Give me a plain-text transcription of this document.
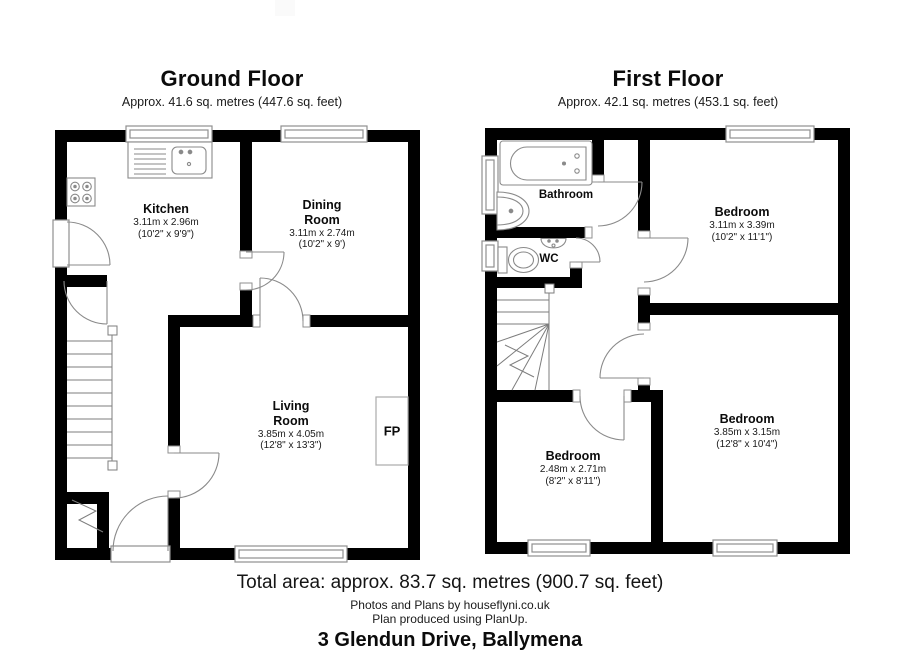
Ground Floor
Approx. 41.6 sq. metres (447.6 sq. feet)
First Floor
Approx. 42.1 sq. metres (453.1 sq. feet)
Kitchen
3.11m x 2.96m
(10'2" x 9'9")
Dining
Room
3.11m x 2.74m
(10'2" x 9')
Living
Room
3.85m x 4.05m
(12'8" x 13'3")
FP
Bathroom
WC
Bedroom
3.11m x 3.39m
(10'2" x 11'1")
Bedroom
3.85m x 3.15m
(12'8" x 10'4")
Bedroom
2.48m x 2.71m
(8'2" x 8'11")
Total area: approx. 83.7 sq. metres (900.7 sq. feet)
Photos and Plans by houseflyni.co.uk
Plan produced using PlanUp.
3 Glendun Drive, Ballymena
